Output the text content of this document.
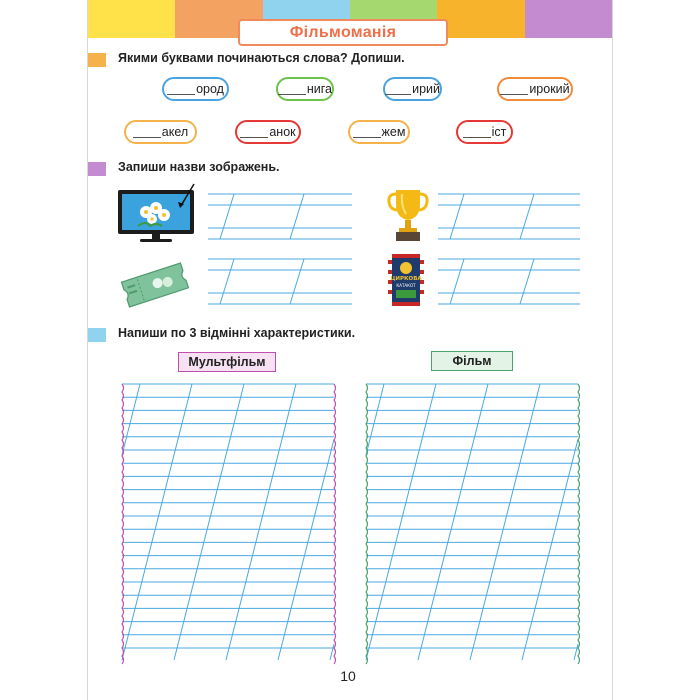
Фільмоманія
Якими буквами починаються слова? Допиши.
ород	нига	ирий	ирокий
акел	анок	жем	іст
Запиши назви зображень.
ЦИРКОВА
КАТАКОТ
Напиши по 3 відмінні характеристики.
Мультфільм	Фільм
10
